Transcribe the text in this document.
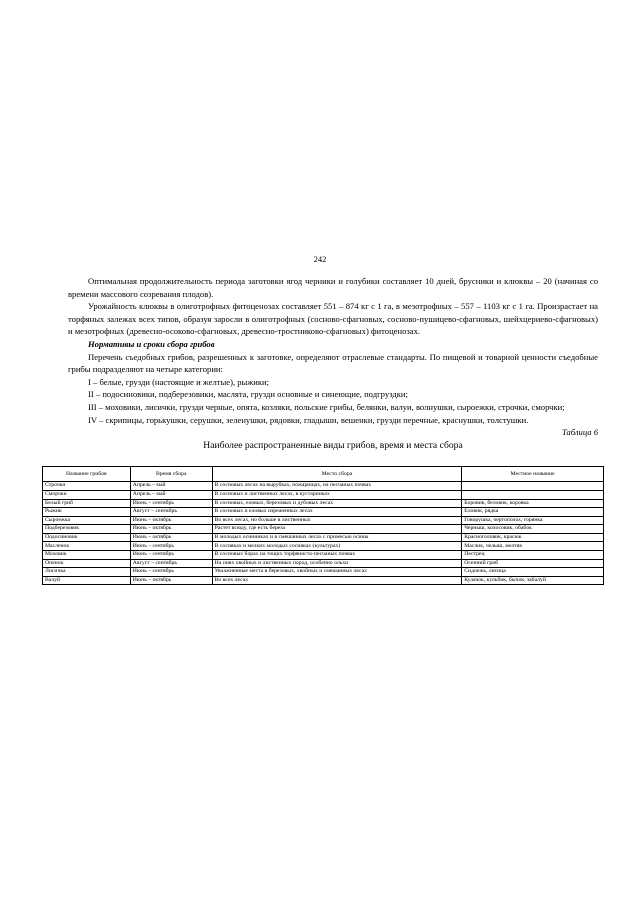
242

Оптимальная продолжительность периода заготовки ягод черники и голубики составляет 10 дней, брусники и клюквы – 20 (начиная со времени массового созревания плодов).

Урожайность клюквы в олиготрофных фитоценозах составляет 551 – 874 кг с 1 га, в мезотрофных – 557 – 1103 кг с 1 га. Произрастает на торфяных залежах всех типов, образуя заросли в олиготрофных (сосново-сфагновых, сосново-пушицево-сфагновых, шейхцериево-сфагновых) и мезотрофных (древесно-осоково-сфагновых, древесно-тростниково-сфагновых) фитоценозах.

Нормативы и сроки сбора грибов

Перечень съедобных грибов, разрешенных к заготовке, определяют отраслевые стандарты. По пищевой и товарной ценности съедобные грибы подразделяют на четыре категории:

I – белые, грузди (настоящие и желтые), рыжики;

II – подосиновики, подберезовики, маслята, грузди основные и синеющие, подгруздки;

III – моховики, лисички, грузди черные, опята, козляки, польские грибы, белянки, валуи, волнушки, сыроежки, строчки, сморчки;

IV – скрипицы, горькушки, серушки, зеленушки, рядовки, гладыши, вешенки, грузди перечные, краснушки, толстушки.

Таблица 6
Наиболее распространенные виды грибов, время и места сбора
Название грибов	Время сбора	Место сбора	Местное название
Строчки	Апрель – май	В сосновых лесах на вырубках, пожарищах, на песчаных почвах	
Сморчки	Апрель – май	В сосновых и лиственных лесах, в кустарниках	
Белый гриб	Июнь – сентябрь	В сосновых, еловых, березовых и дубовых лесах	Боровик, беловик, коровка
Рыжик	Август – сентябрь	В сосновых и еловых изреженных лесах	Еловик, рядка
Сыроежка	Июнь – октябрь	Во всех лесах, но больше в лиственных	Говорушка, чертополох, горянка
Подберезовик	Июнь – октябрь	Растет всюду, где есть береза	Черныш, колосовик, обабок
Подосиновик	Июнь – октябрь	В молодых осинниках и в смешанных лесах с примесью осины	Красноголовик, красюк
Масленок	Июнь – сентябрь	В сосняках и мелких молодых сосняках (культурах)	Маслик, челыш, желтяк
Моховик	Июнь – сентябрь	В сосновых борах на тощих торфянисто-песчаных почвах	Пестрец
Опенок	Август – сентябрь	На пнях хвойных и лиственных пород, особенно ольхи	Осенний гриб
Лисичка	Июнь – сентябрь	Увлажненные места в березовых, хвойных и смешанных лесах	Сидоежь, лисица
Валуй	Июнь – октябрь	Во всех лесах	Кулачок, кульбик, бычок, забалуй
